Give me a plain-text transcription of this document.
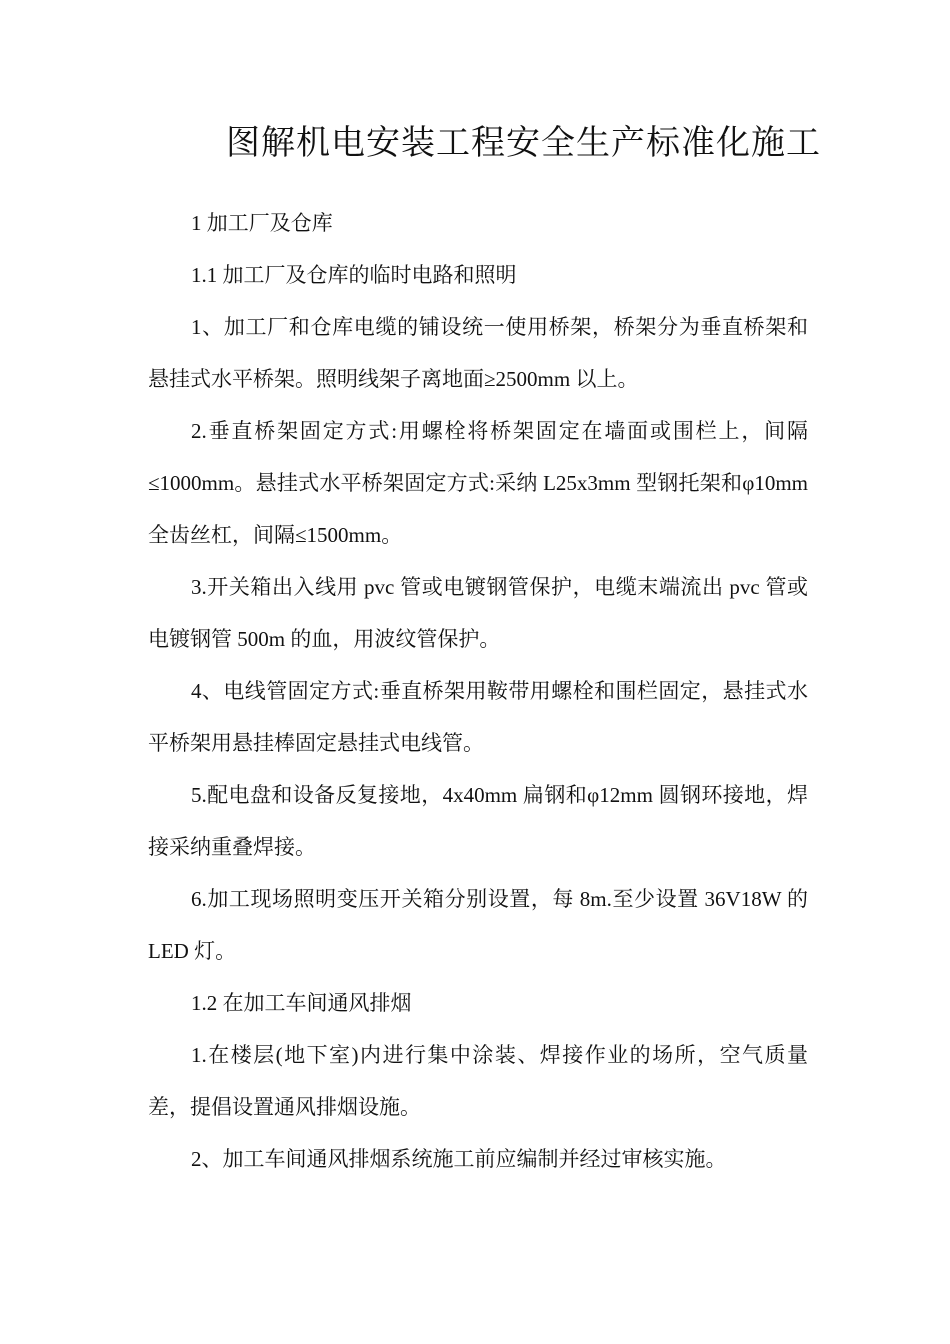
图解机电安装工程安全生产标准化施工

1 加工厂及仓库

1.1 加工厂及仓库的临时电路和照明

1、加工厂和仓库电缆的铺设统一使用桥架，桥架分为垂直桥架和悬挂式水平桥架。照明线架子离地面≥2500mm 以上。

2.垂直桥架固定方式:用螺栓将桥架固定在墙面或围栏上，间隔≤1000mm。悬挂式水平桥架固定方式:采纳 L25x3mm 型钢托架和φ10mm 全齿丝杠，间隔≤1500mm。

3.开关箱出入线用 pvc 管或电镀钢管保护，电缆末端流出 pvc 管或电镀钢管 500m 的血，用波纹管保护。

4、电线管固定方式:垂直桥架用鞍带用螺栓和围栏固定，悬挂式水平桥架用悬挂棒固定悬挂式电线管。

5.配电盘和设备反复接地，4x40mm 扁钢和φ12mm 圆钢环接地，焊接采纳重叠焊接。

6.加工现场照明变压开关箱分别设置，每 8m.至少设置 36V18W 的 LED 灯。

1.2 在加工车间通风排烟

1.在楼层(地下室)内进行集中涂装、焊接作业的场所，空气质量差，提倡设置通风排烟设施。

2、加工车间通风排烟系统施工前应编制并经过审核实施。
